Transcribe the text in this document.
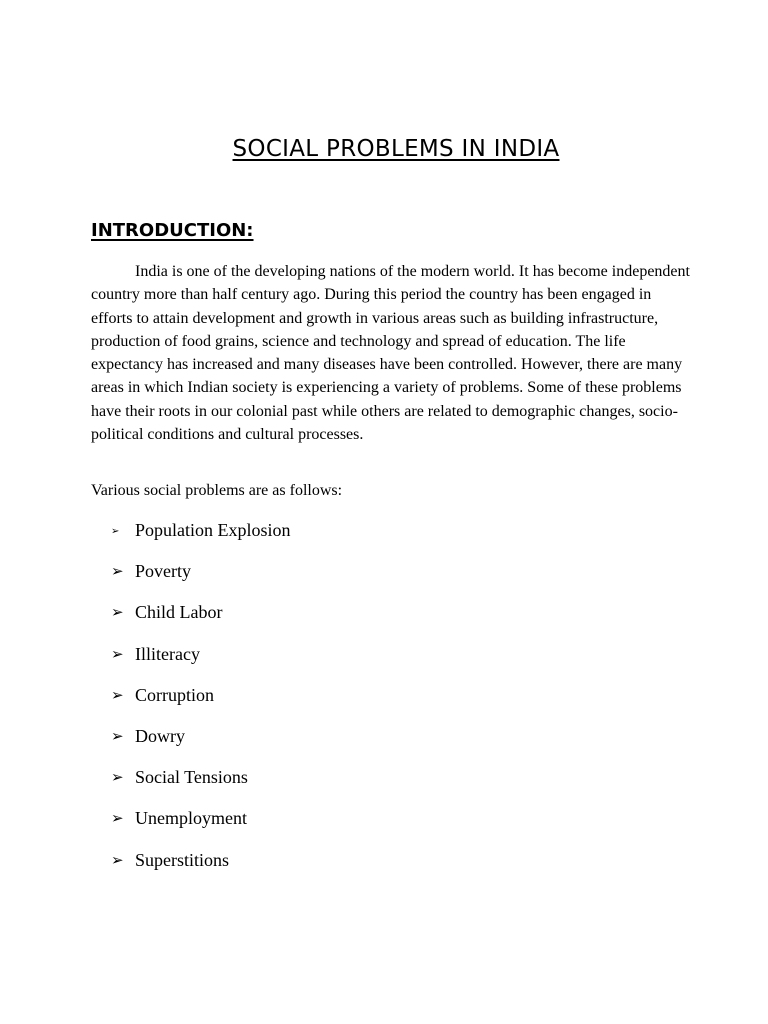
SOCIAL PROBLEMS IN INDIA
INTRODUCTION:

India is one of the developing nations of the modern world. It has become independent country more than half century ago. During this period the country has been engaged in efforts to attain development and growth in various areas such as building infrastructure, production of food grains, science and technology and spread of education. The life expectancy has increased and many diseases have been controlled. However, there are many areas in which Indian society is experiencing a variety of problems. Some of these problems have their roots in our colonial past while others are related to demographic changes, socio-political conditions and cultural processes.

Various social problems are as follows:

➢ Population Explosion
➢ Poverty
➢ Child Labor
➢ Illiteracy
➢ Corruption
➢ Dowry
➢ Social Tensions
➢ Unemployment
➢ Superstitions
